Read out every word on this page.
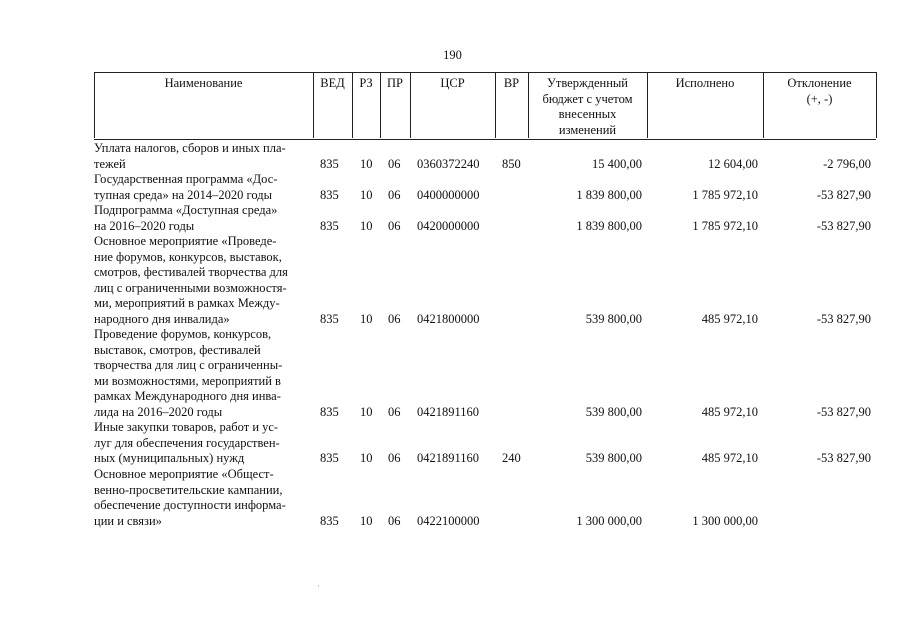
190
Наименование	ВЕД	РЗ	ПР	ЦСР	ВР	Утвержденный
бюджет с учетом
внесенных
изменений
Исполнено	Отклонение
(+, -)
Уплата налогов, сборов и иных пла-
тежей	835 10 06 0360372240 850	15 400,00	12 604,00	-2 796,00
Государственная программа «Дос-
тупная среда» на 2014–2020 годы	835 10 06 0400000000	1 839 800,00	1 785 972,10	-53 827,90
Подпрограмма «Доступная среда»
на 2016–2020 годы	835 10 06 0420000000	1 839 800,00	1 785 972,10	-53 827,90
Основное мероприятие «Проведе-
ние форумов, конкурсов, выставок,
смотров, фестивалей творчества для
лиц с ограниченными возможностя-
ми, мероприятий в рамках Между-
народного дня инвалида»	835 10 06 0421800000	539 800,00	485 972,10	-53 827,90
Проведение форумов, конкурсов,
выставок, смотров, фестивалей
творчества для лиц с ограниченны-
ми возможностями, мероприятий в
рамках Международного дня инва-
лида на 2016–2020 годы	835 10 06 0421891160	539 800,00	485 972,10	-53 827,90
Иные закупки товаров, работ и ус-
луг для обеспечения государствен-
ных (муниципальных) нужд	835 10 06 0421891160 240	539 800,00	485 972,10	-53 827,90
Основное мероприятие «Общест-
венно-просветительские кампании,
обеспечение доступности информа-
ции и связи»	835 10 06 0422100000	1 300 000,00	1 300 000,00
·
